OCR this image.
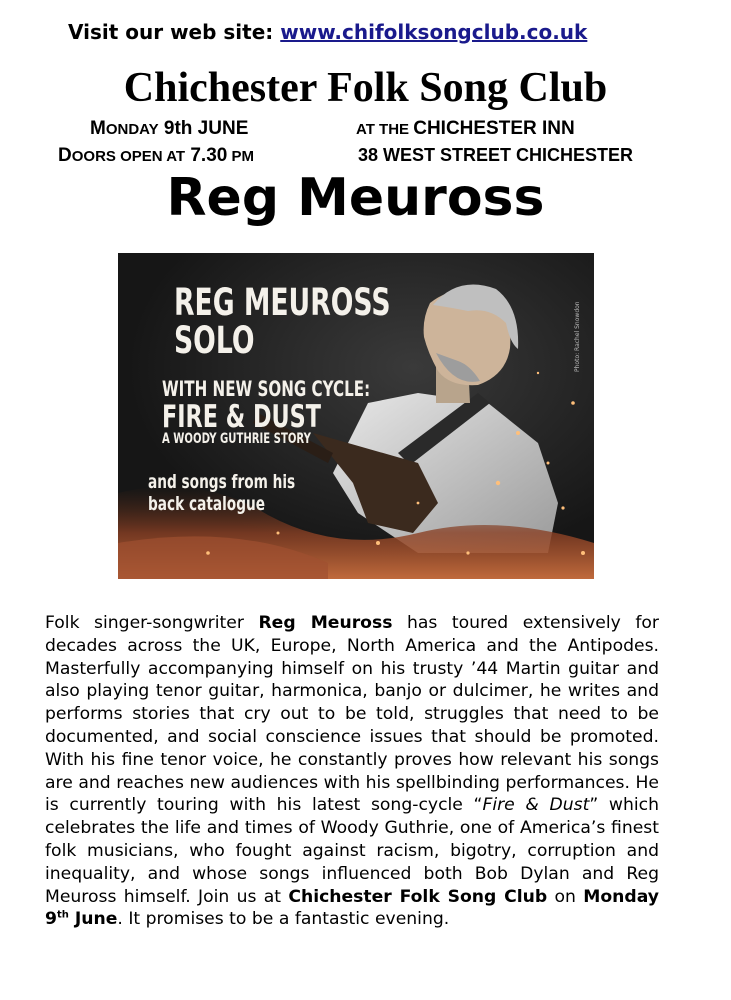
Visit our web site: www.chifolksongclub.co.uk
Chichester Folk Song Club
MONDAY 9th JUNE
DOORS OPEN AT 7.30 PM
AT THE CHICHESTER INN
38 WEST STREET CHICHESTER
Reg Meuross
REG MEUROSS
SOLO
WITH NEW SONG CYCLE:
FIRE & DUST
A WOODY GUTHRIE STORY
and songs from his
back catalogue
Photo: Rachel Snowdon

Folk singer-songwriter Reg Meuross has toured extensively for decades across the UK, Europe, North America and the Antipodes. Masterfully accompanying himself on his trusty ’44 Martin guitar and also playing tenor guitar, harmonica, banjo or dulcimer, he writes and performs stories that cry out to be told, struggles that need to be documented, and social conscience issues that should be promoted. With his fine tenor voice, he constantly proves how relevant his songs are and reaches new audiences with his spellbinding performances. He is currently touring with his latest song-cycle “Fire & Dust” which celebrates the life and times of Woody Guthrie, one of America’s finest folk musicians, who fought against racism, bigotry, corruption and inequality, and whose songs influenced both Bob Dylan and Reg Meuross himself. Join us at Chichester Folk Song Club on Monday 9th June. It promises to be a fantastic evening.
